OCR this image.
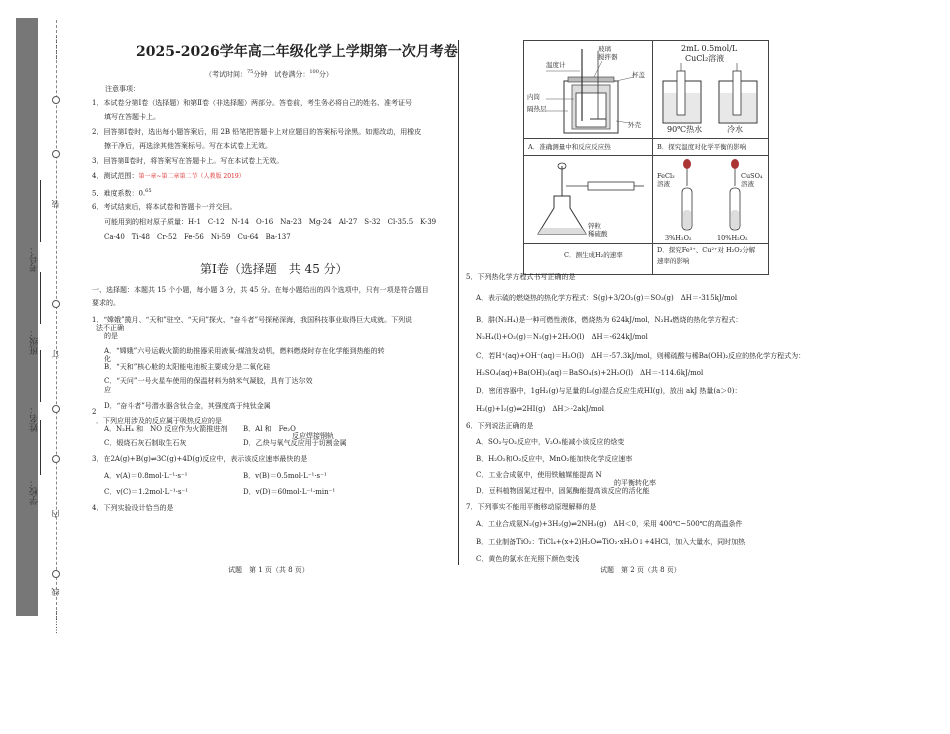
装
订
内
线
………
………
学校：
姓名：
班级：
考号：
2025-2026学年高二年级化学上学期第一次月考卷
（考试时间：$^{75}$分钟　 试卷满分：$^{100}$分）
注意事项：
1．本试卷分第Ⅰ卷（选择题）和第Ⅱ卷（非选择题）两部分。答卷前，考生务必将自己的姓名、准考证号
填写在答题卡上。
2．回答第Ⅰ卷时，选出每小题答案后，用 2B 铅笔把答题卡上对应题目的答案标号涂黑。如需改动，用橡皮
擦干净后，再选涂其他答案标号。写在本试卷上无效。
3．回答第Ⅱ卷时，将答案写在答题卡上。写在本试卷上无效。
4．测试范围：第一章~第二章第二节（人教版 2019）
5．难度系数：0.65
6．考试结束后，将本试卷和答题卡一并交回。
可能用到的相对原子质量：H-1　C-12　N-14　O-16　Na-23　Mg-24　Al-27　S-32　Cl-35.5　K-39
Ca-40　Ti-48　Cr-52　Fe-56　Ni-59　Cu-64　Ba-137
第Ⅰ卷（选择题　共 45 分）
一、选择题：本题共 15 个小题，每小题 3 分，共 45 分。在每小题给出的四个选项中，只有一项是符合题目
要求的。
1．“嫦娥”揽月、“天和”驻空、“天问”探火、“奋斗者”号探秘深海，我国科技事业取得巨大成就。下列说
法不正确
的是
A．“嫦娥”六号运载火箭的助推器采用液氧-煤油发动机，燃料燃烧时存在化学能到热能的转
化
B．“天和”核心舱的太阳能电池板主要成分是二氧化硅
C．“天问”一号火星车使用的保温材料为纳米气凝胶，具有丁达尔效
应
D．“奋斗者”号潜水器含钛合金，其强度高于纯钛金属
2
．下列应用涉及的反应属于吸热反应的是
A．N₂H₄ 和　NO 反应作为火箭推进剂 B．Al 和　Fe₂O
反应焊接钢轨
C．煅烧石灰石制取生石灰	D．乙炔与氧气反应用于切割金属
3．在2A(g)+B(g)⇌3C(g)+4D(g)反应中，表示该反应速率最快的是
A．v(A)＝0.8mol·L⁻¹·s⁻¹	B．v(B)＝0.5mol·L⁻¹·s⁻¹
C．v(C)＝1.2mol·L⁻¹·s⁻¹	D．v(D)＝60mol·L⁻¹·min⁻¹
4．下列实验设计恰当的是
试题　第 1 页（共 8 页）
温度计
玻璃
搅拌器
内筒
隔热层
杯盖
外壳
A．准确测量中和反应反应热
2mL 0.5mol/L
CuCl₂溶液
90℃热水	冷水
B．探究温度对化学平衡的影响
锌粒
稀硫酸
C．测生成H₂的速率
FeCl₃
溶液
CuSO₄
溶液
3%H₂O₂	10%H₂O₂
D．探究Fe³⁺、Cu²⁺对 H₂O₂分解
速率的影响
5．下列热化学方程式书写正确的是
A．表示硫的燃烧热的热化学方程式：S(g)+3/2O₂(g)＝SO₃(g)　ΔH＝-315kJ/mol
B．肼(N₂H₄)是一种可燃性液体，燃烧热为 624kJ/mol，N₂H₄燃烧的热化学方程式：
N₂H₄(l)+O₂(g)＝N₂(g)+2H₂O(l)　ΔH＝-624kJ/mol
C．若H⁺(aq)+OH⁻(aq)＝H₂O(l)　ΔH＝-57.3kJ/mol，则稀硫酸与稀Ba(OH)₂反应的热化学方程式为：
H₂SO₄(aq)+Ba(OH)₂(aq)＝BaSO₄(s)+2H₂O(l)　ΔH＝-114.6kJ/mol
D．密闭容器中，1gH₂(g)与足量的I₂(g)混合反应生成HI(g)，放出 akJ 热量(a＞0)：
H₂(g)+I₂(g)⇌2HI(g)　ΔH＞-2akJ/mol
6．下列说法正确的是
A．SO₂与O₂反应中，V₂O₅能减小该反应的焓变
B．H₂O₂和O₂反应中，MnO₂能加快化学反应速率
C．工业合成氨中，使用铁触媒能提高 N
的平衡转化率
D．豆科植物固氮过程中，固氮酶能提高该反应的活化能
7．下列事实不能用平衡移动原理解释的是
A．工业合成氨N₂(g)+3H₂(g)⇌2NH₃(g)　ΔH＜0，采用 400℃~500℃的高温条件
B．工业制备TiO₂：TiCl₄+(x+2)H₂O⇌TiO₂·xH₂O↓+4HCl，加入大量水，同时加热
C．黄色的氯水在光照下颜色变浅
试题　第 2 页（共 8 页）
